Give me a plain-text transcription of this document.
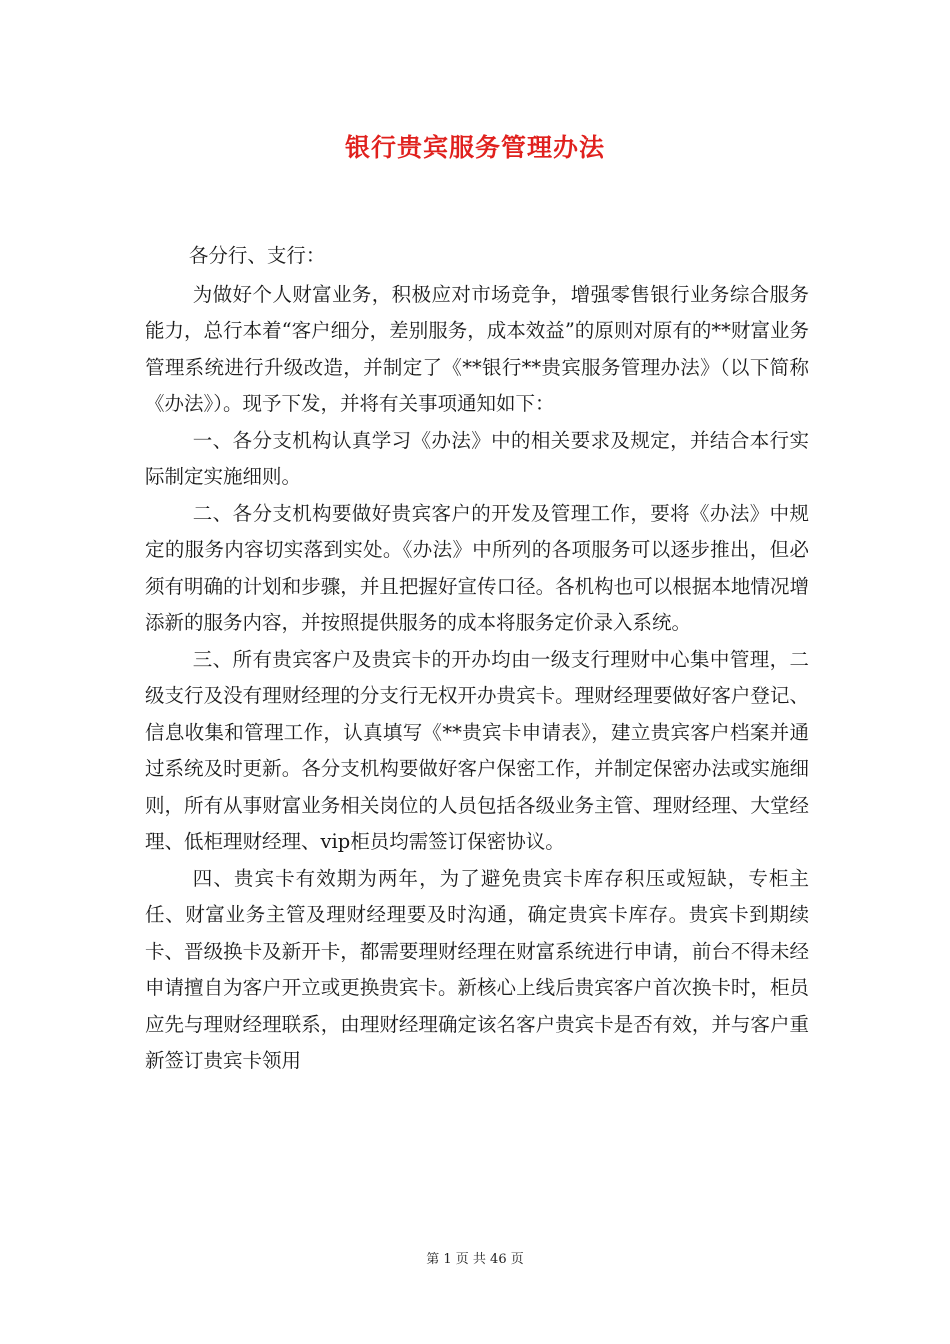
银行贵宾服务管理办法

各分行、支行：

为做好个人财富业务，积极应对市场竞争，增强零售银行业务综合服务能力，总行本着“客户细分，差别服务，成本效益”的原则对原有的**财富业务管理系统进行升级改造，并制定了《**银行**贵宾服务管理办法》（以下简称《办法》）。现予下发，并将有关事项通知如下：

一、各分支机构认真学习《办法》中的相关要求及规定，并结合本行实际制定实施细则。

二、各分支机构要做好贵宾客户的开发及管理工作，要将《办法》中规定的服务内容切实落到实处。《办法》中所列的各项服务可以逐步推出，但必须有明确的计划和步骤，并且把握好宣传口径。各机构也可以根据本地情况增添新的服务内容，并按照提供服务的成本将服务定价录入系统。

三、所有贵宾客户及贵宾卡的开办均由一级支行理财中心集中管理，二级支行及没有理财经理的分支行无权开办贵宾卡。理财经理要做好客户登记、信息收集和管理工作，认真填写《**贵宾卡申请表》，建立贵宾客户档案并通过系统及时更新。各分支机构要做好客户保密工作，并制定保密办法或实施细则，所有从事财富业务相关岗位的人员包括各级业务主管、理财经理、大堂经理、低柜理财经理、vip柜员均需签订保密协议。

四、贵宾卡有效期为两年，为了避免贵宾卡库存积压或短缺，专柜主任、财富业务主管及理财经理要及时沟通，确定贵宾卡库存。贵宾卡到期续卡、晋级换卡及新开卡，都需要理财经理在财富系统进行申请，前台不得未经申请擅自为客户开立或更换贵宾卡。新核心上线后贵宾客户首次换卡时，柜员应先与理财经理联系，由理财经理确定该名客户贵宾卡是否有效，并与客户重新签订贵宾卡领用

第 1 页 共 46 页
